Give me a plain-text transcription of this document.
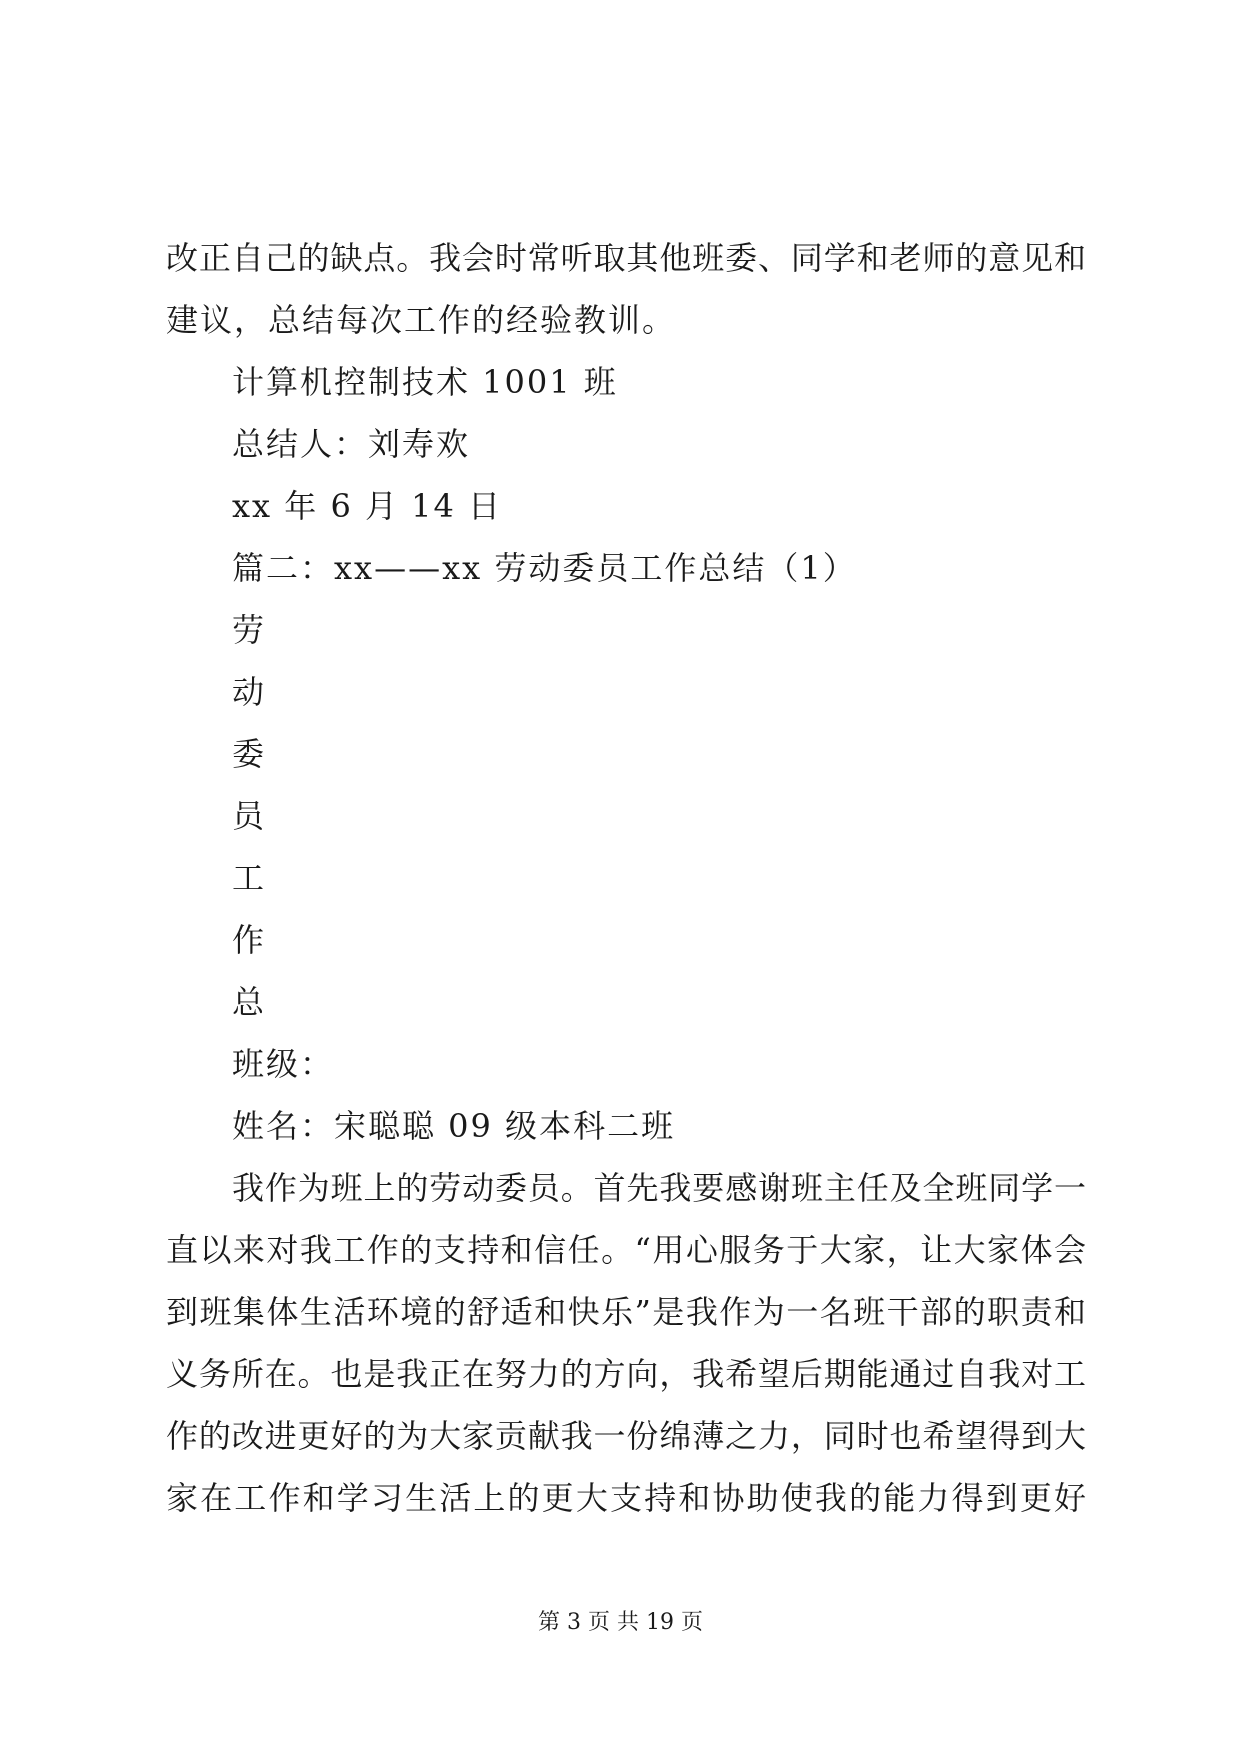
改正自己的缺点。我会时常听取其他班委、同学和老师的意见和
建议，总结每次工作的经验教训。
计算机控制技术 1001 班
总结人：刘寿欢
xx 年 6 月 14 日
篇二：xx——xx 劳动委员工作总结（1）
劳
动
委
员
工
作
总
班级：
姓名：宋聪聪 09 级本科二班
我作为班上的劳动委员。首先我要感谢班主任及全班同学一
直以来对我工作的支持和信任。“用心服务于大家，让大家体会
到班集体生活环境的舒适和快乐”是我作为一名班干部的职责和
义务所在。也是我正在努力的方向，我希望后期能通过自我对工
作的改进更好的为大家贡献我一份绵薄之力，同时也希望得到大
家在工作和学习生活上的更大支持和协助使我的能力得到更好
第 3 页 共 19 页
